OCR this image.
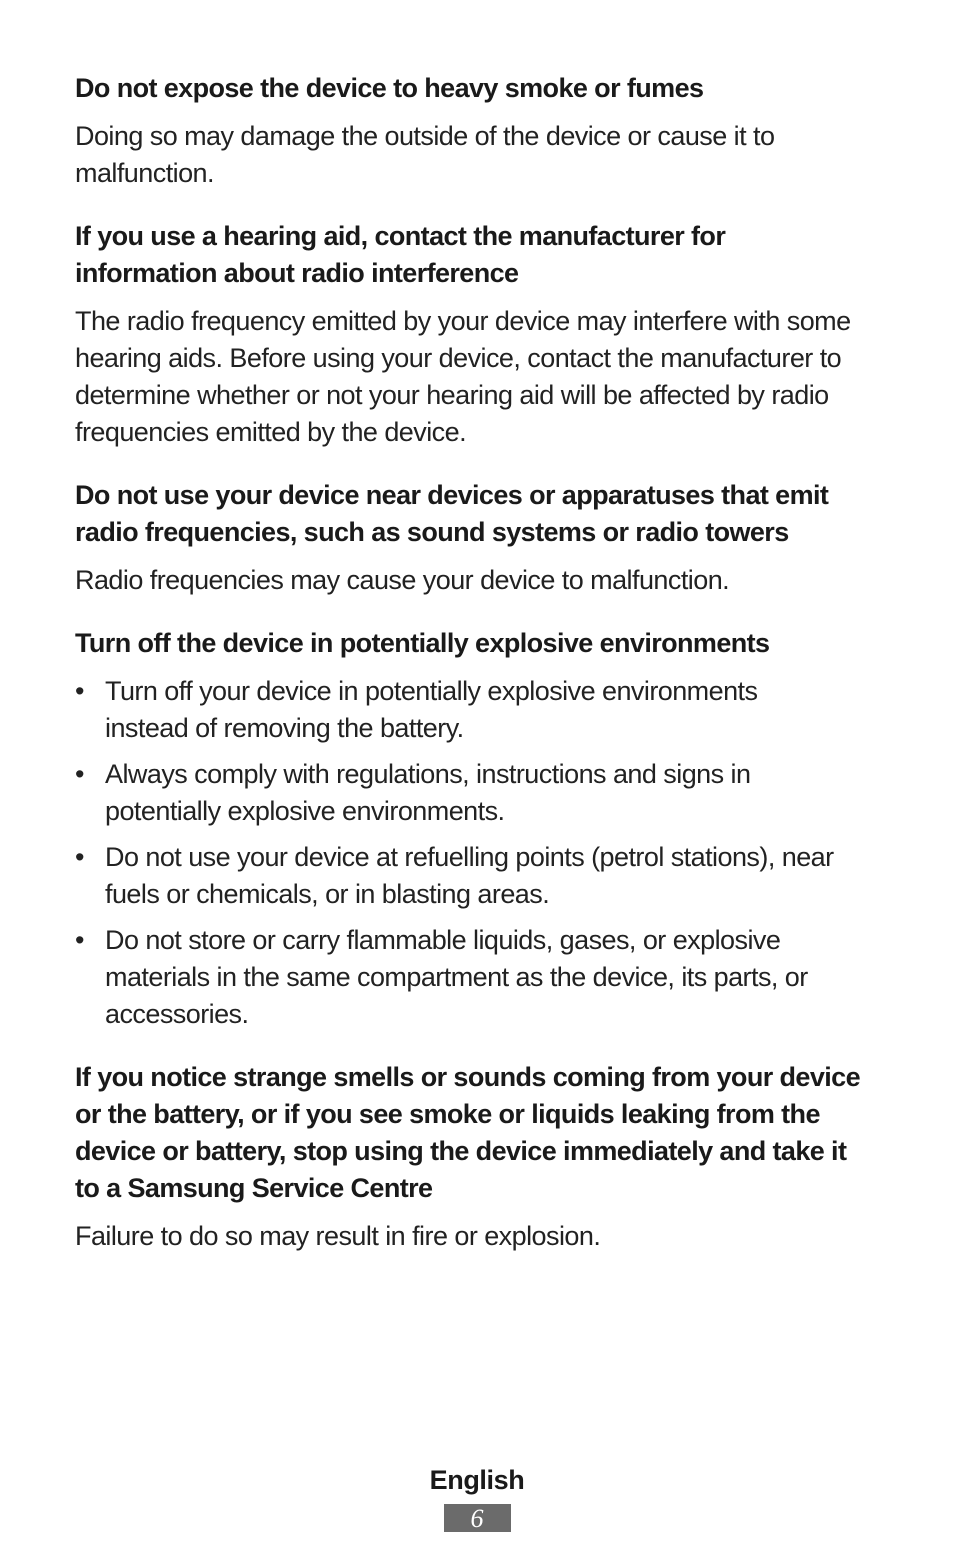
Do not expose the device to heavy smoke or fumes

Doing so may damage the outside of the device or cause it to malfunction.

If you use a hearing aid, contact the manufacturer for information about radio interference

The radio frequency emitted by your device may interfere with some hearing aids. Before using your device, contact the manufacturer to determine whether or not your hearing aid will be affected by radio frequencies emitted by the device.

Do not use your device near devices or apparatuses that emit radio frequencies, such as sound systems or radio towers

Radio frequencies may cause your device to malfunction.

Turn off the device in potentially explosive environments
• Turn off your device in potentially explosive environments instead of removing the battery.
• Always comply with regulations, instructions and signs in potentially explosive environments.
• Do not use your device at refuelling points (petrol stations), near fuels or chemicals, or in blasting areas.
• Do not store or carry flammable liquids, gases, or explosive materials in the same compartment as the device, its parts, or accessories.
If you notice strange smells or sounds coming from your device or the battery, or if you see smoke or liquids leaking from the device or battery, stop using the device immediately and take it to a Samsung Service Centre

Failure to do so may result in fire or explosion.

English
6
